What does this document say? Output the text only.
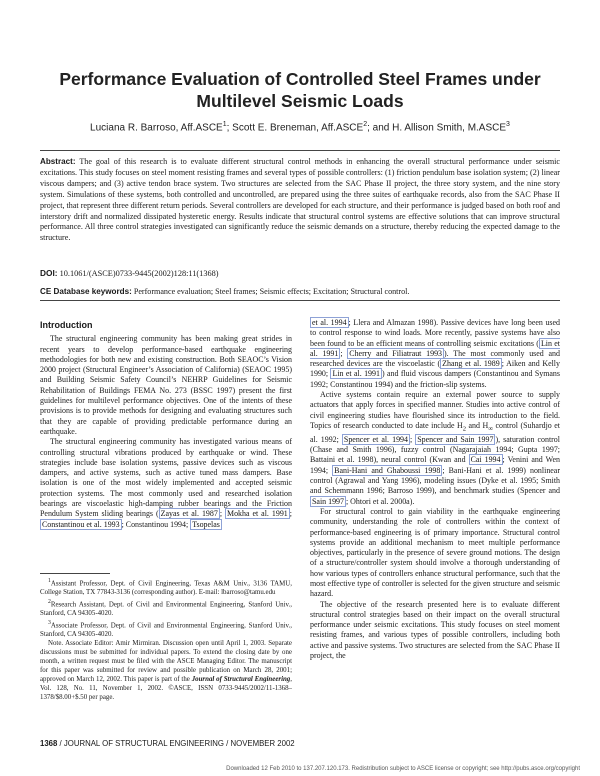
Performance Evaluation of Controlled Steel Frames under
Multilevel Seismic Loads
Luciana R. Barroso, Aff.ASCE$^1$; Scott E. Breneman, Aff.ASCE$^2$; and H. Allison Smith, M.ASCE$^3$
Abstract: The goal of this research is to evaluate different structural control methods in enhancing the overall structural performance under seismic excitations. This study focuses on steel moment resisting frames and several types of possible controllers: (1) friction pendulum base isolation system; (2) linear viscous dampers; and (3) active tendon brace system. Two structures are selected from the SAC Phase II project, the three story system, and the nine story system. Simulations of these systems, both controlled and uncontrolled, are prepared using the three suites of earthquake records, also from the SAC Phase II project, that represent three different return periods. Several controllers are developed for each structure, and their performance is judged based on both roof and interstory drift and normalized dissipated hysteretic energy. Results indicate that structural control systems are effective solutions that can improve structural performance. All three control strategies investigated can significantly reduce the seismic demands on a structure, thereby reducing the expected damage to the structure.
DOI: 10.1061/(ASCE)0733-9445(2002)128:11(1368)
CE Database keywords: Performance evaluation; Steel frames; Seismic effects; Excitation; Structural control.
Introduction

The structural engineering community has been making great strides in recent years to develop performance-based earthquake engineering methodologies for both new and existing construction. Both SEAOC’s Vision 2000 project (Structural Engineer’s Association of California) (SEAOC 1995) and Building Seismic Safety Council’s NEHRP Guidelines for Seismic Rehabilitation of Buildings FEMA No. 273 (BSSC 1997) present the first guidelines for multilevel performance objectives. One of the intents of these provisions is to provide methods for designing and evaluating structures such that they are capable of providing predictable performance during an earthquake.

The structural engineering community has investigated various means of controlling structural vibrations produced by earthquake or wind. These strategies include base isolation systems, passive devices such as viscous dampers, and active systems, such as active tuned mass dampers. Base isolation is one of the most widely implemented and accepted seismic protection systems. The most commonly used and researched isolation bearings are viscoelastic high-damping rubber bearings and the Friction Pendulum System sliding bearings ( Zayas et al. 1987 ; Mokha et al. 1991 ; Constantinou et al. 1993 ; Constantinou 1994; Tsopelas

$^1$Assistant Professor, Dept. of Civil Engineering, Texas A&M Univ., 3136 TAMU, College Station, TX 77843-3136 (corresponding author). E-mail: lbarroso@tamu.edu

$^2$Research Assistant, Dept. of Civil and Environmental Engineering, Stanford Univ., Stanford, CA 94305-4020.

$^3$Associate Professor, Dept. of Civil and Environmental Engineering, Stanford Univ., Stanford, CA 94305-4020.

Note. Associate Editor: Amir Mirmiran. Discussion open until April 1, 2003. Separate discussions must be submitted for individual papers. To extend the closing date by one month, a written request must be filed with the ASCE Managing Editor. The manuscript for this paper was submitted for review and possible publication on March 28, 2001; approved on March 12, 2002. This paper is part of the Journal of Structural Engineering, Vol. 128, No. 11, November 1, 2002. ©ASCE, ISSN 0733-9445/2002/11-1368–1378/$8.00+$.50 per page.

et al. 1994 ; Llera and Almazan 1998). Passive devices have long been used to control response to wind loads. More recently, passive systems have also been found to be an efficient means of controlling seismic excitations ( Lin et al. 1991 ; Cherry and Filiatraut 1993 ). The most commonly used and researched devices are the viscoelastic ( Zhang et al. 1989 ; Aiken and Kelly 1990; Lin et al. 1991 ) and fluid viscous dampers (Constantinou and Symans 1992; Constantinou 1994) and the friction-slip systems.

Active systems contain require an external power source to supply actuators that apply forces in specified manner. Studies into active control of civil engineering studies have flourished since its introduction to the field. Topics of research conducted to date include $H_2$ and $H_\infty$ control (Suhardjo et al. 1992; Spencer et al. 1994 ; Spencer and Sain 1997 ), saturation control (Chase and Smith 1996), fuzzy control (Nagarajaiah 1994; Gupta 1997; Battaini et al. 1998), neural control (Kwan and Cai 1994 ; Venini and Wen 1994; Bani-Hani and Ghaboussi 1998 ; Bani-Hani et al. 1999) nonlinear control (Agrawal and Yang 1996), modeling issues (Dyke et al. 1995; Smith and Schemmann 1996; Barroso 1999), and benchmark studies (Spencer and Sain 1997 ; Ohtori et al. 2000a).

For structural control to gain viability in the earthquake engineering community, understanding the role of controllers within the context of performance-based engineering is of primary importance. Structural control systems provide an additional mechanism to meet multiple performance objectives, particularly in the presence of severe ground motions. The design of a structure/controller system should involve a thorough understanding of how various types of controllers enhance structural performance, such that the most effective type of controller is selected for the given structure and seismic hazard.

The objective of the research presented here is to evaluate different structural control strategies based on their impact on the overall structural performance under seismic excitations. This study focuses on steel moment resisting frames, and various types of possible controllers, including both active and passive systems. Two structures are selected from the SAC Phase II project, the

1368 / JOURNAL OF STRUCTURAL ENGINEERING / NOVEMBER 2002
Downloaded 12 Feb 2010 to 137.207.120.173. Redistribution subject to ASCE license or copyright; see http://pubs.asce.org/copyright
